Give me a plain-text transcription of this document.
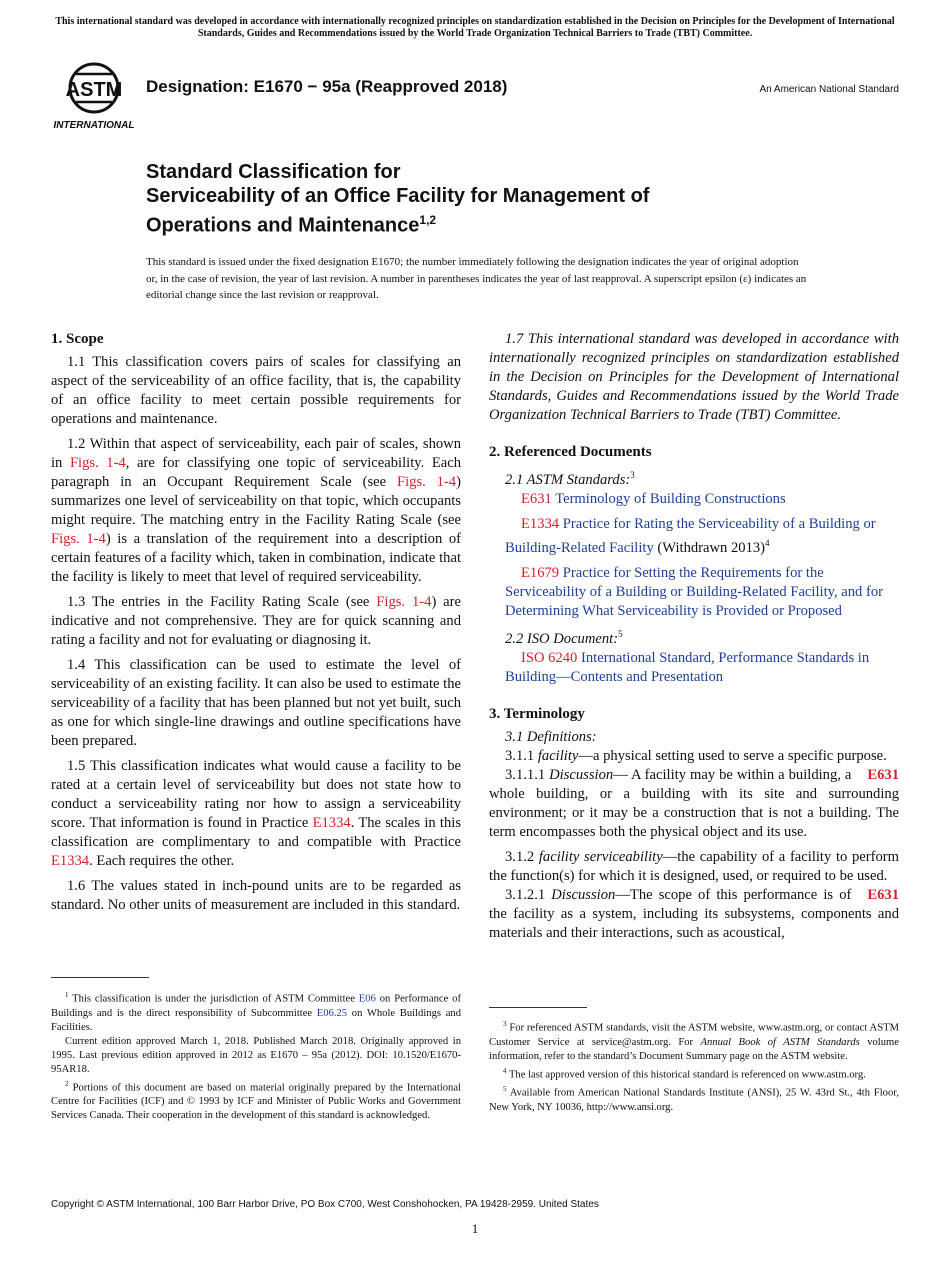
This international standard was developed in accordance with internationally recognized principles on standardization established in the Decision on Principles for the Development of International Standards, Guides and Recommendations issued by the World Trade Organization Technical Barriers to Trade (TBT) Committee.
ASTM
INTERNATIONAL
Designation: E1670 − 95a (Reapproved 2018)	An American National Standard
Standard Classification for
Serviceability of an Office Facility for Management of
Operations and Maintenance$^{1,2}$
This standard is issued under the fixed designation E1670; the number immediately following the designation indicates the year of original adoption or, in the case of revision, the year of last revision. A number in parentheses indicates the year of last reapproval. A superscript epsilon (ε) indicates an editorial change since the last revision or reapproval.
1. Scope

1.1 This classification covers pairs of scales for classifying an aspect of the serviceability of an office facility, that is, the capability of an office facility to meet certain possible requirements for operations and maintenance.

1.2 Within that aspect of serviceability, each pair of scales, shown in Figs. 1-4, are for classifying one topic of serviceability. Each paragraph in an Occupant Requirement Scale (see Figs. 1-4) summarizes one level of serviceability on that topic, which occupants might require. The matching entry in the Facility Rating Scale (see Figs. 1-4) is a translation of the requirement into a description of certain features of a facility which, taken in combination, indicate that the facility is likely to meet that level of required serviceability.

1.3 The entries in the Facility Rating Scale (see Figs. 1-4) are indicative and not comprehensive. They are for quick scanning and rating a facility and not for evaluating or diagnosing it.

1.4 This classification can be used to estimate the level of serviceability of an existing facility. It can also be used to estimate the serviceability of a facility that has been planned but not yet built, such as one for which single-line drawings and outline specifications have been prepared.

1.5 This classification indicates what would cause a facility to be rated at a certain level of serviceability but does not state how to conduct a serviceability rating nor how to assign a serviceability score. That information is found in Practice E1334. The scales in this classification are complimentary to and compatible with Practice E1334. Each requires the other.

1.6 The values stated in inch-pound units are to be regarded as standard. No other units of measurement are included in this standard.

$^1$ This classification is under the jurisdiction of ASTM Committee E06 on Performance of Buildings and is the direct responsibility of Subcommittee E06.25 on Whole Buildings and Facilities.

Current edition approved March 1, 2018. Published March 2018. Originally approved in 1995. Last previous edition approved in 2012 as E1670 – 95a (2012). DOI: 10.1520/E1670-95AR18.

$^2$ Portions of this document are based on material originally prepared by the International Centre for Facilities (ICF) and © 1993 by ICF and Minister of Public Works and Government Services Canada. Their cooperation in the development of this standard is acknowledged.

1.7 This international standard was developed in accordance with internationally recognized principles on standardization established in the Decision on Principles for the Development of International Standards, Guides and Recommendations issued by the World Trade Organization Technical Barriers to Trade (TBT) Committee.

2. Referenced Documents

2.1 ASTM Standards:$^3$

E631 Terminology of Building Constructions

E1334 Practice for Rating the Serviceability of a Building or Building-Related Facility (Withdrawn 2013)$^4$

E1679 Practice for Setting the Requirements for the Serviceability of a Building or Building-Related Facility, and for Determining What Serviceability is Provided or Proposed

2.2 ISO Document:$^5$

ISO 6240 International Standard, Performance Standards in Building—Contents and Presentation

3. Terminology

3.1 Definitions:

3.1.1 facility—a physical setting used to serve a specific purpose.
E631

3.1.1.1 Discussion— A facility may be within a building, a whole building, or a building with its site and surrounding environment; or it may be a construction that is not a building. The term encompasses both the physical object and its use.

3.1.2 facility serviceability—the capability of a facility to perform the function(s) for which it is designed, used, or required to be used.
E631

3.1.2.1 Discussion—The scope of this performance is of the facility as a system, including its subsystems, components and materials and their interactions, such as acoustical,

$^3$ For referenced ASTM standards, visit the ASTM website, www.astm.org, or contact ASTM Customer Service at service@astm.org. For Annual Book of ASTM Standards volume information, refer to the standard’s Document Summary page on the ASTM website.

$^4$ The last approved version of this historical standard is referenced on www.astm.org.

$^5$ Available from American National Standards Institute (ANSI), 25 W. 43rd St., 4th Floor, New York, NY 10036, http://www.ansi.org.

Copyright © ASTM International, 100 Barr Harbor Drive, PO Box C700, West Conshohocken, PA 19428-2959. United States
1
